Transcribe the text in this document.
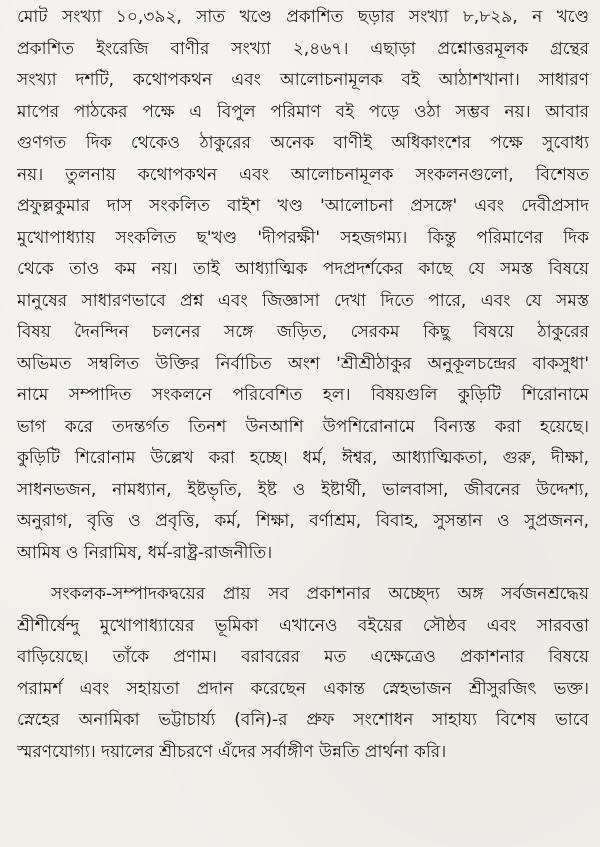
মোট সংখ্যা ১০,৩৯২, সাত খণ্ডে প্রকাশিত ছড়ার সংখ্যা ৮,৮২৯, ন খণ্ডে
প্রকাশিত ইংরেজি বাণীর সংখ্যা ২,৪৬৭। এছাড়া প্রশ্নোত্তরমূলক গ্রন্থের
সংখ্যা দশটি, কথোপকথন এবং আলোচনামূলক বই আঠাশখানা। সাধারণ
মাপের পাঠকের পক্ষে এ বিপুল পরিমাণ বই পড়ে ওঠা সম্ভব নয়। আবার
গুণগত দিক থেকেও ঠাকুরের অনেক বাণীই অধিকাংশের পক্ষে সুবোধ্য
নয়। তুলনায় কথোপকথন এবং আলোচনামূলক সংকলনগুলো, বিশেষত
প্রফুল্লকুমার দাস সংকলিত বাইশ খণ্ড 'আলোচনা প্রসঙ্গে' এবং দেবীপ্রসাদ
মুখোপাধ্যায় সংকলিত ছ'খণ্ড 'দীপরক্ষী' সহজগম্য। কিন্তু পরিমাণের দিক
থেকে তাও কম নয়। তাই আধ্যাত্মিক পদপ্রদর্শকের কাছে যে সমস্ত বিষয়ে
মানুষের সাধারণভাবে প্রশ্ন এবং জিজ্ঞাসা দেখা দিতে পারে, এবং যে সমস্ত
বিষয় দৈনন্দিন চলনের সঙ্গে জড়িত, সেরকম কিছু বিষয়ে ঠাকুরের
অভিমত সম্বলিত উক্তির নির্বাচিত অংশ 'শ্রীশ্রীঠাকুর অনুকূলচন্দ্রের বাকসুধা'
নামে সম্পাদিত সংকলনে পরিবেশিত হল। বিষয়গুলি কুড়িটি শিরোনামে
ভাগ করে তদন্তর্গত তিনশ উনআশি উপশিরোনামে বিন্যস্ত করা হয়েছে।
কুড়িটি শিরোনাম উল্লেখ করা হচ্ছে। ধর্ম, ঈশ্বর, আধ্যাত্মিকতা, গুরু, দীক্ষা,
সাধনভজন, নামধ্যান, ইষ্টভৃতি, ইষ্ট ও ইষ্টার্থী, ভালবাসা, জীবনের উদ্দেশ্য,
অনুরাগ, বৃত্তি ও প্রবৃত্তি, কর্ম, শিক্ষা, বর্ণাশ্রম, বিবাহ, সুসন্তান ও সুপ্রজনন,
আমিষ ও নিরামিষ, ধর্ম-রাষ্ট্র-রাজনীতি।
সংকলক-সম্পাদকদ্বয়ের প্রায় সব প্রকাশনার অচ্ছেদ্য অঙ্গ সর্বজনশ্রদ্ধেয়
শ্রীশীর্ষেন্দু মুখোপাধ্যায়ের ভূমিকা এখানেও বইয়ের সৌষ্ঠব এবং সারবত্তা
বাড়িয়েছে। তাঁকে প্রণাম। বরাবরের মত এক্ষেত্রেও প্রকাশনার বিষয়ে
পরামর্শ এবং সহায়তা প্রদান করেছেন একান্ত স্নেহভাজন শ্রীসুরজিৎ ভক্ত।
স্নেহের অনামিকা ভট্টাচার্য্য (বনি)-র প্রুফ সংশোধন সাহায্য বিশেষ ভাবে
স্মরণযোগ্য। দয়ালের শ্রীচরণে এঁদের সর্বাঙ্গীণ উন্নতি প্রার্থনা করি।
